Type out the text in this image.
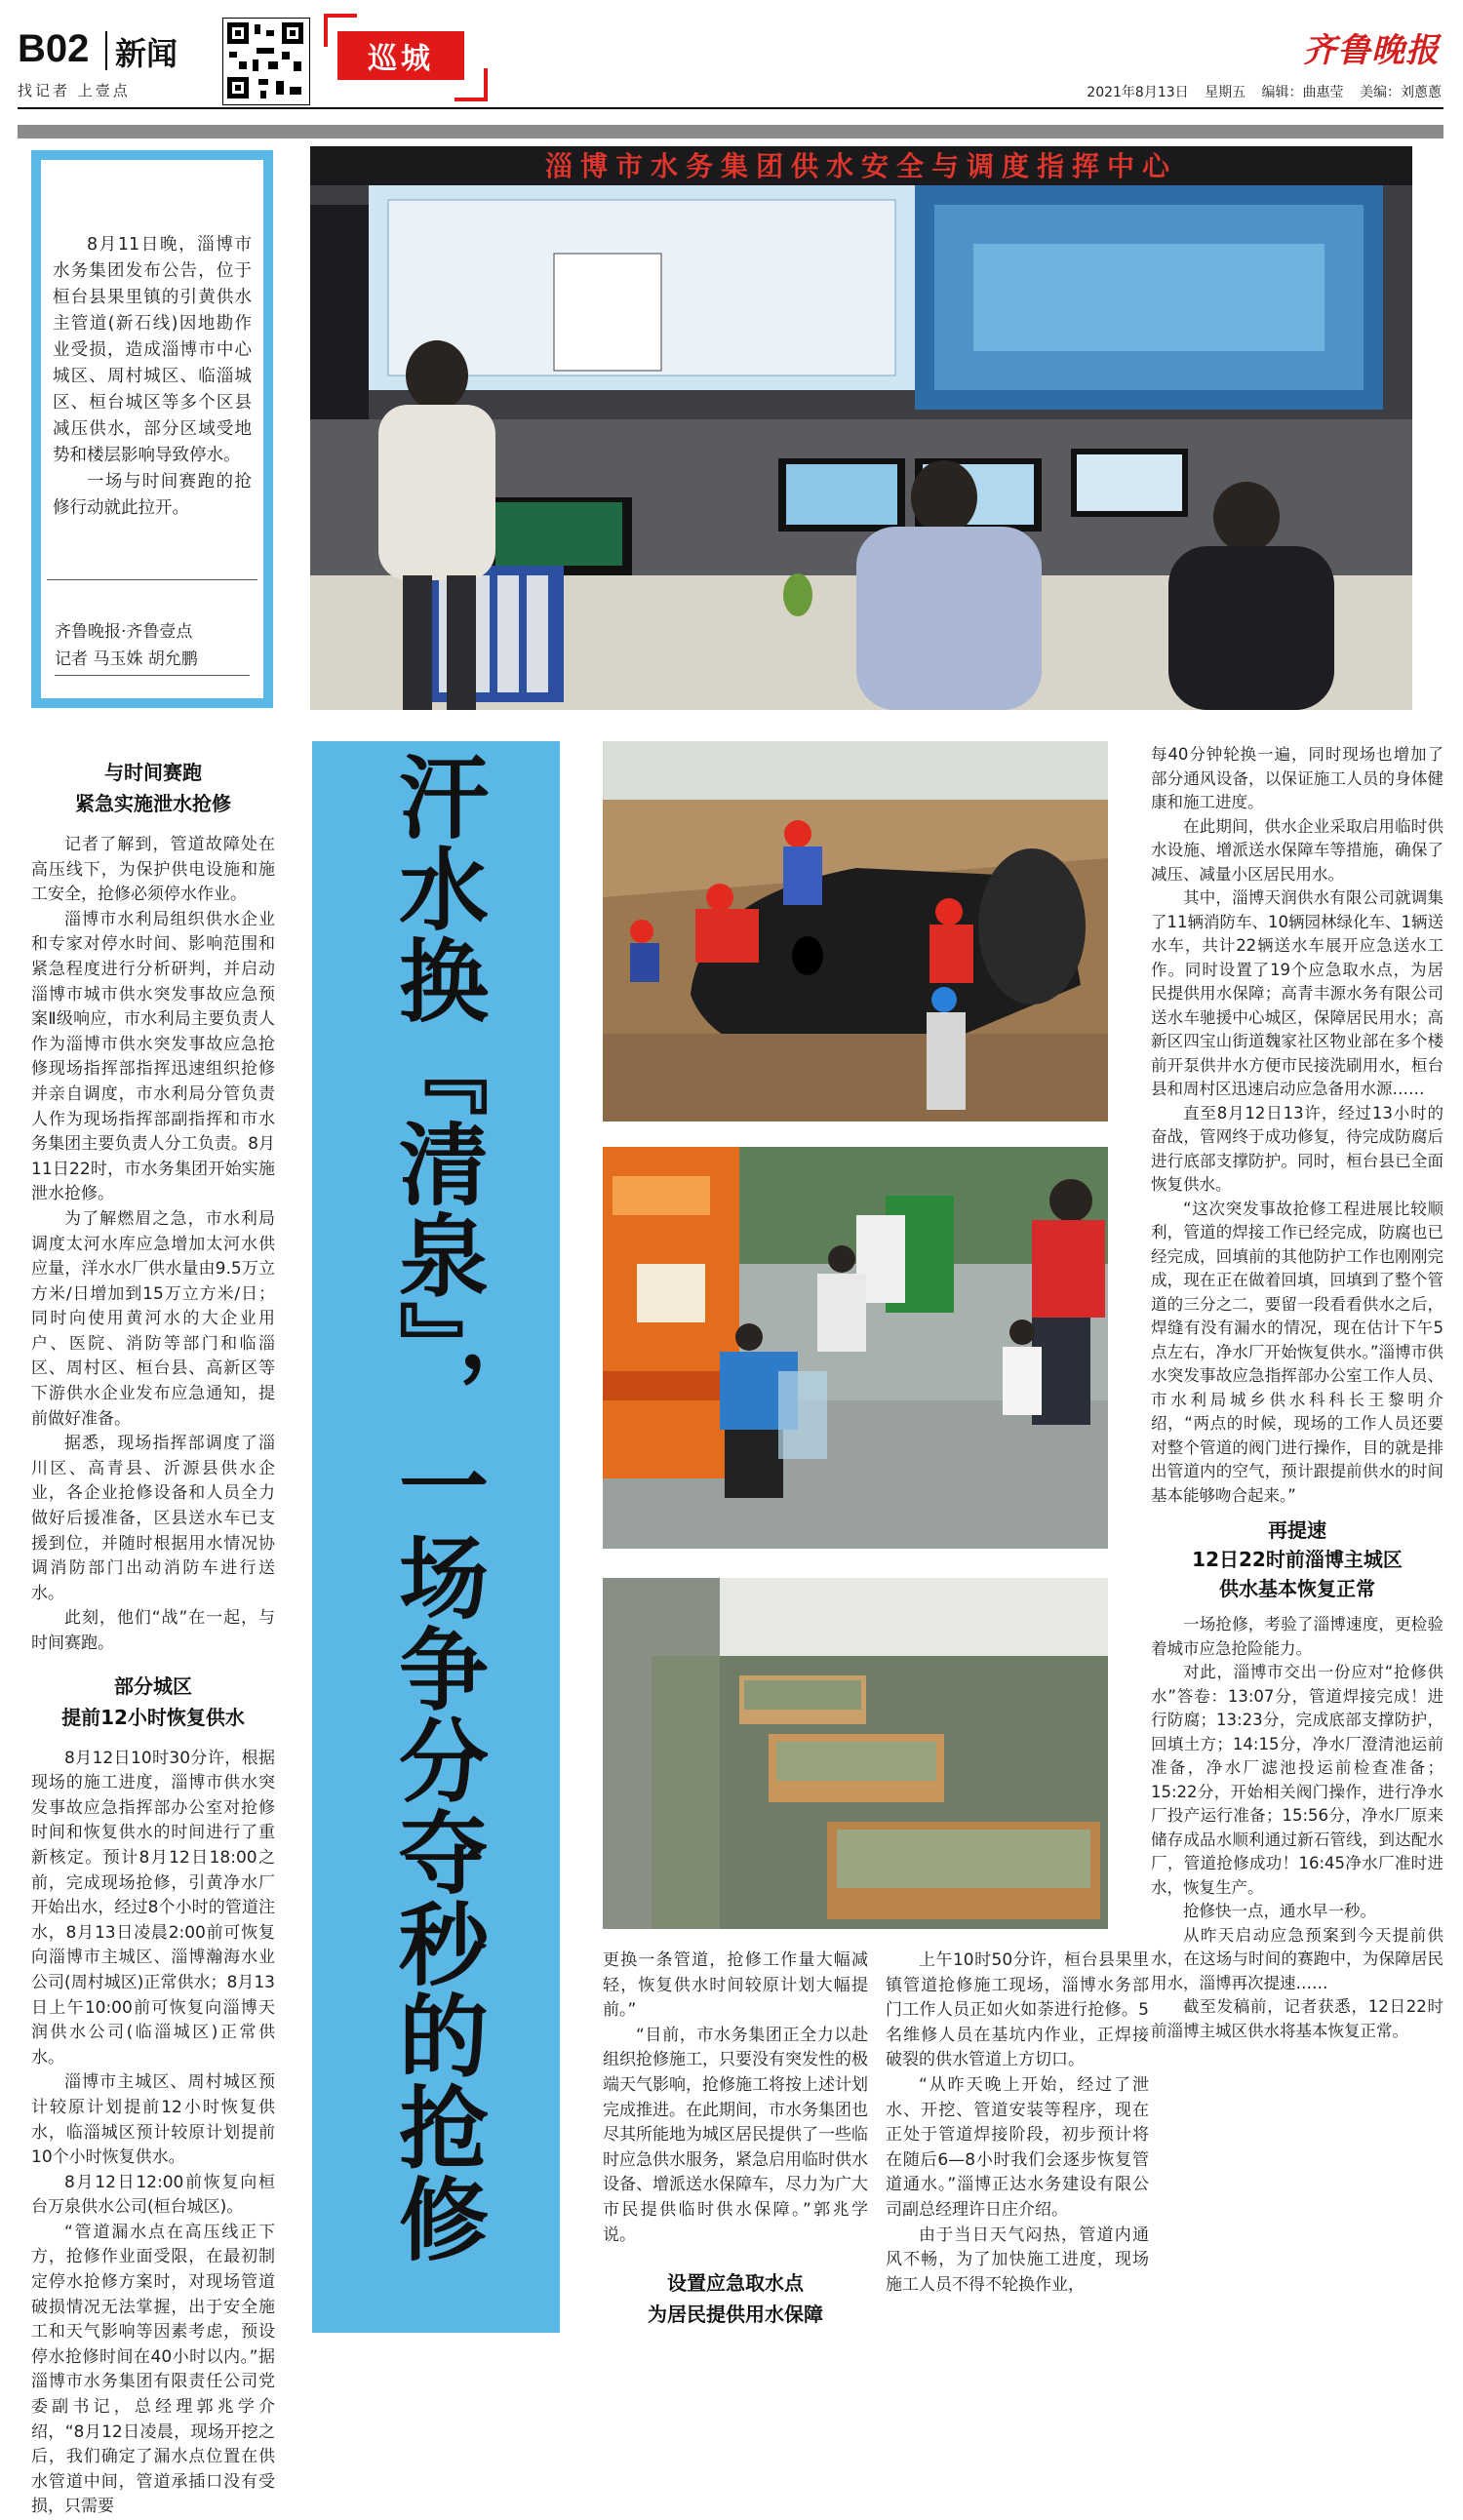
B02 新闻
找记者 上壹点
巡城	齐鲁晚报
2021年8月13日 星期五 编辑：曲惠莹 美编：刘蔥蔥

8月11日晚，淄博市水务集团发布公告，位于桓台县果里镇的引黄供水主管道(新石线)因地勘作业受损，造成淄博市中心城区、周村城区、临淄城区、桓台城区等多个区县减压供水，部分区域受地势和楼层影响导致停水。

一场与时间赛跑的抢修行动就此拉开。

齐鲁晚报·齐鲁壹点
记者 马玉姝 胡允鹏
淄博市水务集团供水安全与调度指挥中心
汗水换『清泉』，一场争分夺秒的抢修
与时间赛跑
紧急实施泄水抢修

记者了解到，管道故障处在高压线下，为保护供电设施和施工安全，抢修必须停水作业。

淄博市水利局组织供水企业和专家对停水时间、影响范围和紧急程度进行分析研判，并启动淄博市城市供水突发事故应急预案Ⅱ级响应，市水利局主要负责人作为淄博市供水突发事故应急抢修现场指挥部指挥迅速组织抢修并亲自调度，市水利局分管负责人作为现场指挥部副指挥和市水务集团主要负责人分工负责。8月11日22时，市水务集团开始实施泄水抢修。

为了解燃眉之急，市水利局调度太河水库应急增加太河水供应量，洋水水厂供水量由9.5万立方米/日增加到15万立方米/日；同时向使用黄河水的大企业用户、医院、消防等部门和临淄区、周村区、桓台县、高新区等下游供水企业发布应急通知，提前做好准备。

据悉，现场指挥部调度了淄川区、高青县、沂源县供水企业，各企业抢修设备和人员全力做好后援准备，区县送水车已支援到位，并随时根据用水情况协调消防部门出动消防车进行送水。

此刻，他们“战”在一起，与时间赛跑。

部分城区
提前12小时恢复供水

8月12日10时30分许，根据现场的施工进度，淄博市供水突发事故应急指挥部办公室对抢修时间和恢复供水的时间进行了重新核定。预计8月12日18:00之前，完成现场抢修，引黄净水厂开始出水，经过8个小时的管道注水，8月13日凌晨2:00前可恢复向淄博市主城区、淄博瀚海水业公司(周村城区)正常供水；8月13日上午10:00前可恢复向淄博天润供水公司(临淄城区)正常供水。

淄博市主城区、周村城区预计较原计划提前12小时恢复供水，临淄城区预计较原计划提前10个小时恢复供水。

8月12日12:00前恢复向桓台万泉供水公司(桓台城区)。

“管道漏水点在高压线正下方，抢修作业面受限，在最初制定停水抢修方案时，对现场管道破损情况无法掌握，出于安全施工和天气影响等因素考虑，预设停水抢修时间在40小时以内。”据淄博市水务集团有限责任公司党委副书记，总经理郭兆学介绍，“8月12日凌晨，现场开挖之后，我们确定了漏水点位置在供水管道中间，管道承插口没有受损，只需要

更换一条管道，抢修工作量大幅减轻，恢复供水时间较原计划大幅提前。”

“目前，市水务集团正全力以赴组织抢修施工，只要没有突发性的极端天气影响，抢修施工将按上述计划完成推进。在此期间，市水务集团也尽其所能地为城区居民提供了一些临时应急供水服务，紧急启用临时供水设备、增派送水保障车，尽力为广大市民提供临时供水保障。”郭兆学说。

设置应急取水点
为居民提供用水保障

上午10时50分许，桓台县果里镇管道抢修施工现场，淄博水务部门工作人员正如火如荼进行抢修。5名维修人员在基坑内作业，正焊接破裂的供水管道上方切口。

“从昨天晚上开始，经过了泄水、开挖、管道安装等程序，现在正处于管道焊接阶段，初步预计将在随后6—8小时我们会逐步恢复管道通水。”淄博正达水务建设有限公司副总经理许日庄介绍。

由于当日天气闷热，管道内通风不畅，为了加快施工进度，现场施工人员不得不轮换作业，

每40分钟轮换一遍，同时现场也增加了部分通风设备，以保证施工人员的身体健康和施工进度。

在此期间，供水企业采取启用临时供水设施、增派送水保障车等措施，确保了减压、减量小区居民用水。

其中，淄博天润供水有限公司就调集了11辆消防车、10辆园林绿化车、1辆送水车，共计22辆送水车展开应急送水工作。同时设置了19个应急取水点，为居民提供用水保障；高青丰源水务有限公司送水车驰援中心城区，保障居民用水；高新区四宝山街道魏家社区物业部在多个楼前开泵供井水方便市民接洗刷用水，桓台县和周村区迅速启动应急备用水源……

直至8月12日13许，经过13小时的奋战，管网终于成功修复，待完成防腐后进行底部支撑防护。同时，桓台县已全面恢复供水。

“这次突发事故抢修工程进展比较顺利，管道的焊接工作已经完成，防腐也已经完成，回填前的其他防护工作也刚刚完成，现在正在做着回填，回填到了整个管道的三分之二，要留一段看看供水之后，焊缝有没有漏水的情况，现在估计下午5点左右，净水厂开始恢复供水。”淄博市供水突发事故应急指挥部办公室工作人员、市水利局城乡供水科科长王黎明介绍，“两点的时候，现场的工作人员还要对整个管道的阀门进行操作，目的就是排出管道内的空气，预计跟提前供水的时间基本能够吻合起来。”

再提速
12日22时前淄博主城区
供水基本恢复正常

一场抢修，考验了淄博速度，更检验着城市应急抢险能力。

对此，淄博市交出一份应对“抢修供水”答卷：13:07分，管道焊接完成！进行防腐；13:23分，完成底部支撑防护，回填土方；14:15分，净水厂澄清池运前准备，净水厂滤池投运前检查准备；15:22分，开始相关阀门操作，进行净水厂投产运行准备；15:56分，净水厂原来储存成品水顺利通过新石管线，到达配水厂，管道抢修成功！16:45净水厂准时进水，恢复生产。

抢修快一点，通水早一秒。

从昨天启动应急预案到今天提前供水，在这场与时间的赛跑中，为保障居民用水，淄博再次提速……

截至发稿前，记者获悉，12日22时前淄博主城区供水将基本恢复正常。
